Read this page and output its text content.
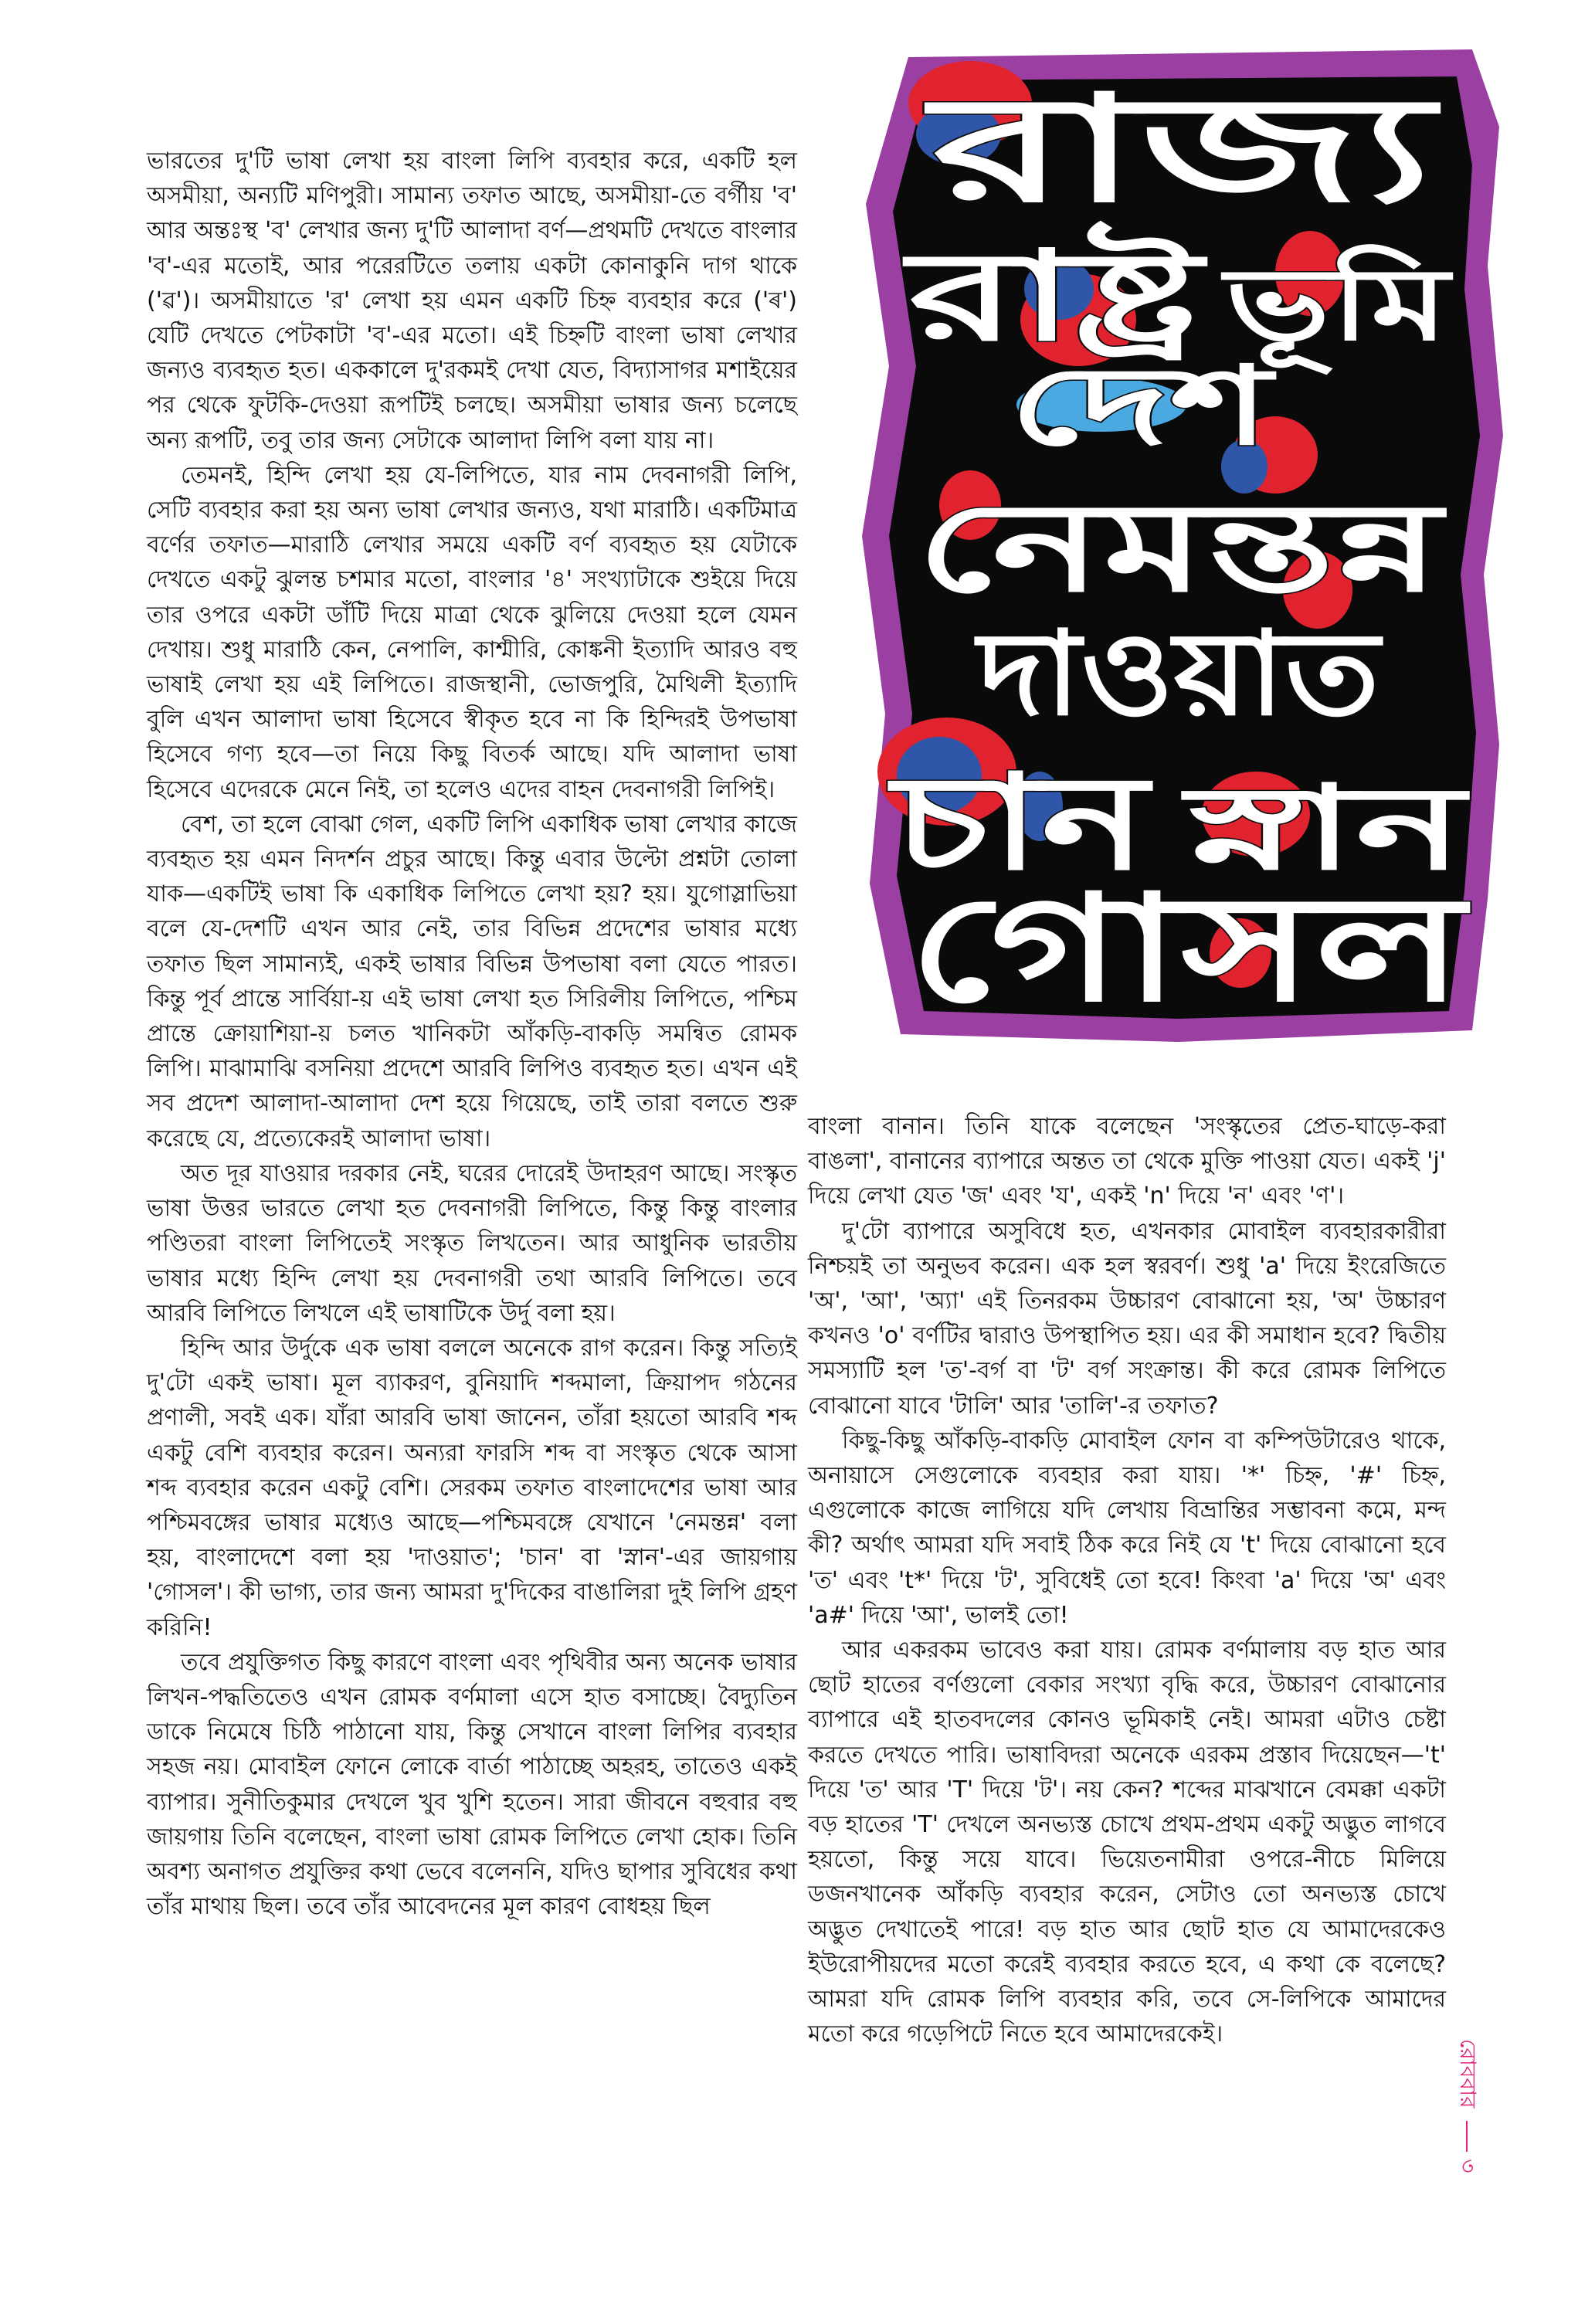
ভারতের দু'টি ভাষা লেখা হয় বাংলা লিপি ব্যবহার করে, একটি হল অসমীয়া, অন্যটি মণিপুরী। সামান্য তফাত আছে, অসমীয়া-তে বর্গীয় 'ব' আর অন্তঃস্থ 'ব' লেখার জন্য দু'টি আলাদা বর্ণ—প্রথমটি দেখতে বাংলার 'ব'-এর মতোই, আর পরেরটিতে তলায় একটা কোনাকুনি দাগ থাকে ('ৱ')। অসমীয়াতে 'র' লেখা হয় এমন একটি চিহ্ন ব্যবহার করে ('ৰ') যেটি দেখতে পেটকাটা 'ব'-এর মতো। এই চিহ্নটি বাংলা ভাষা লেখার জন্যও ব্যবহৃত হত। এককালে দু'রকমই দেখা যেত, বিদ্যাসাগর মশাইয়ের পর থেকে ফুটকি-দেওয়া রূপটিই চলছে। অসমীয়া ভাষার জন্য চলেছে অন্য রূপটি, তবু তার জন্য সেটাকে আলাদা লিপি বলা যায় না।

তেমনই, হিন্দি লেখা হয় যে-লিপিতে, যার নাম দেবনাগরী লিপি, সেটি ব্যবহার করা হয় অন্য ভাষা লেখার জন্যও, যথা মারাঠি। একটিমাত্র বর্ণের তফাত—মারাঠি লেখার সময়ে একটি বর্ণ ব্যবহৃত হয় যেটাকে দেখতে একটু ঝুলন্ত চশমার মতো, বাংলার '৪' সংখ্যাটাকে শুইয়ে দিয়ে তার ওপরে একটা ডাঁটি দিয়ে মাত্রা থেকে ঝুলিয়ে দেওয়া হলে যেমন দেখায়। শুধু মারাঠি কেন, নেপালি, কাশ্মীরি, কোঙ্কনী ইত্যাদি আরও বহু ভাষাই লেখা হয় এই লিপিতে। রাজস্থানী, ভোজপুরি, মৈথিলী ইত্যাদি বুলি এখন আলাদা ভাষা হিসেবে স্বীকৃত হবে না কি হিন্দিরই উপভাষা হিসেবে গণ্য হবে—তা নিয়ে কিছু বিতর্ক আছে। যদি আলাদা ভাষা হিসেবে এদেরকে মেনে নিই, তা হলেও এদের বাহন দেবনাগরী লিপিই।

বেশ, তা হলে বোঝা গেল, একটি লিপি একাধিক ভাষা লেখার কাজে ব্যবহৃত হয় এমন নিদর্শন প্রচুর আছে। কিন্তু এবার উল্টো প্রশ্নটা তোলা যাক—একটিই ভাষা কি একাধিক লিপিতে লেখা হয়? হয়। যুগোস্লাভিয়া বলে যে-দেশটি এখন আর নেই, তার বিভিন্ন প্রদেশের ভাষার মধ্যে তফাত ছিল সামান্যই, একই ভাষার বিভিন্ন উপভাষা বলা যেতে পারত। কিন্তু পূর্ব প্রান্তে সার্বিয়া-য় এই ভাষা লেখা হত সিরিলীয় লিপিতে, পশ্চিম প্রান্তে ক্রোয়াশিয়া-য় চলত খানিকটা আঁকড়ি-বাকড়ি সমন্বিত রোমক লিপি। মাঝামাঝি বসনিয়া প্রদেশে আরবি লিপিও ব্যবহৃত হত। এখন এই সব প্রদেশ আলাদা-আলাদা দেশ হয়ে গিয়েছে, তাই তারা বলতে শুরু করেছে যে, প্রত্যেকেরই আলাদা ভাষা।

অত দূর যাওয়ার দরকার নেই, ঘরের দোরেই উদাহরণ আছে। সংস্কৃত ভাষা উত্তর ভারতে লেখা হত দেবনাগরী লিপিতে, কিন্তু কিন্তু বাংলার পণ্ডিতরা বাংলা লিপিতেই সংস্কৃত লিখতেন। আর আধুনিক ভারতীয় ভাষার মধ্যে হিন্দি লেখা হয় দেবনাগরী তথা আরবি লিপিতে। তবে আরবি লিপিতে লিখলে এই ভাষাটিকে উর্দু বলা হয়।

হিন্দি আর উর্দুকে এক ভাষা বললে অনেকে রাগ করেন। কিন্তু সত্যিই দু'টো একই ভাষা। মূল ব্যাকরণ, বুনিয়াদি শব্দমালা, ক্রিয়াপদ গঠনের প্রণালী, সবই এক। যাঁরা আরবি ভাষা জানেন, তাঁরা হয়তো আরবি শব্দ একটু বেশি ব্যবহার করেন। অন্যরা ফারসি শব্দ বা সংস্কৃত থেকে আসা শব্দ ব্যবহার করেন একটু বেশি। সেরকম তফাত বাংলাদেশের ভাষা আর পশ্চিমবঙ্গের ভাষার মধ্যেও আছে—পশ্চিমবঙ্গে যেখানে 'নেমন্তন্ন' বলা হয়, বাংলাদেশে বলা হয় 'দাওয়াত'; 'চান' বা 'স্নান'-এর জায়গায় 'গোসল'। কী ভাগ্য, তার জন্য আমরা দু'দিকের বাঙালিরা দুই লিপি গ্রহণ করিনি!

তবে প্রযুক্তিগত কিছু কারণে বাংলা এবং পৃথিবীর অন্য অনেক ভাষার লিখন-পদ্ধতিতেও এখন রোমক বর্ণমালা এসে হাত বসাচ্ছে। বৈদ্যুতিন ডাকে নিমেষে চিঠি পাঠানো যায়, কিন্তু সেখানে বাংলা লিপির ব্যবহার সহজ নয়। মোবাইল ফোনে লোকে বার্তা পাঠাচ্ছে অহরহ, তাতেও একই ব্যাপার। সুনীতিকুমার দেখলে খুব খুশি হতেন। সারা জীবনে বহুবার বহু জায়গায় তিনি বলেছেন, বাংলা ভাষা রোমক লিপিতে লেখা হোক। তিনি অবশ্য অনাগত প্রযুক্তির কথা ভেবে বলেননি, যদিও ছাপার সুবিধের কথা তাঁর মাথায় ছিল। তবে তাঁর আবেদনের মূল কারণ বোধহয় ছিল

বাংলা বানান। তিনি যাকে বলেছেন 'সংস্কৃতের প্রেত-ঘাড়ে-করা বাঙলা', বানানের ব্যাপারে অন্তত তা থেকে মুক্তি পাওয়া যেত। একই 'j' দিয়ে লেখা যেত 'জ' এবং 'য', একই 'n' দিয়ে 'ন' এবং 'ণ'।

দু'টো ব্যাপারে অসুবিধে হত, এখনকার মোবাইল ব্যবহারকারীরা নিশ্চয়ই তা অনুভব করেন। এক হল স্বরবর্ণ। শুধু 'a' দিয়ে ইংরেজিতে 'অ', 'আ', 'অ্যা' এই তিনরকম উচ্চারণ বোঝানো হয়, 'অ' উচ্চারণ কখনও 'o' বর্ণটির দ্বারাও উপস্থাপিত হয়। এর কী সমাধান হবে? দ্বিতীয় সমস্যাটি হল 'ত'-বর্গ বা 'ট' বর্গ সংক্রান্ত। কী করে রোমক লিপিতে বোঝানো যাবে 'টালি' আর 'তালি'-র তফাত?

কিছু-কিছু আঁকড়ি-বাকড়ি মোবাইল ফোন বা কম্পিউটারেও থাকে, অনায়াসে সেগুলোকে ব্যবহার করা যায়। '*' চিহ্ন, '#' চিহ্ন, এগুলোকে কাজে লাগিয়ে যদি লেখায় বিভ্রান্তির সম্ভাবনা কমে, মন্দ কী? অর্থাৎ আমরা যদি সবাই ঠিক করে নিই যে 't' দিয়ে বোঝানো হবে 'ত' এবং 't*' দিয়ে 'ট', সুবিধেই তো হবে! কিংবা 'a' দিয়ে 'অ' এবং 'a#' দিয়ে 'আ', ভালই তো!

আর একরকম ভাবেও করা যায়। রোমক বর্ণমালায় বড় হাত আর ছোট হাতের বর্ণগুলো বেকার সংখ্যা বৃদ্ধি করে, উচ্চারণ বোঝানোর ব্যাপারে এই হাতবদলের কোনও ভূমিকাই নেই। আমরা এটাও চেষ্টা করতে দেখতে পারি। ভাষাবিদরা অনেকে এরকম প্রস্তাব দিয়েছেন—'t' দিয়ে 'ত' আর 'T' দিয়ে 'ট'। নয় কেন? শব্দের মাঝখানে বেমক্কা একটা বড় হাতের 'T' দেখলে অনভ্যস্ত চোখে প্রথম-প্রথম একটু অদ্ভুত লাগবে হয়তো, কিন্তু সয়ে যাবে। ভিয়েতনামীরা ওপরে-নীচে মিলিয়ে ডজনখানেক আঁকড়ি ব্যবহার করেন, সেটাও তো অনভ্যস্ত চোখে অদ্ভুত দেখাতেই পারে! বড় হাত আর ছোট হাত যে আমাদেরকেও ইউরোপীয়দের মতো করেই ব্যবহার করতে হবে, এ কথা কে বলেছে? আমরা যদি রোমক লিপি ব্যবহার করি, তবে সে-লিপিকে আমাদের মতো করে গড়েপিটে নিতে হবে আমাদেরকেই।

রাজ্য
রাষ্ট্র	ভূমি
দেশ
নেমন্তন্ন
দাওয়াত
চান স্নান
গোসল
রোববার  ৩
